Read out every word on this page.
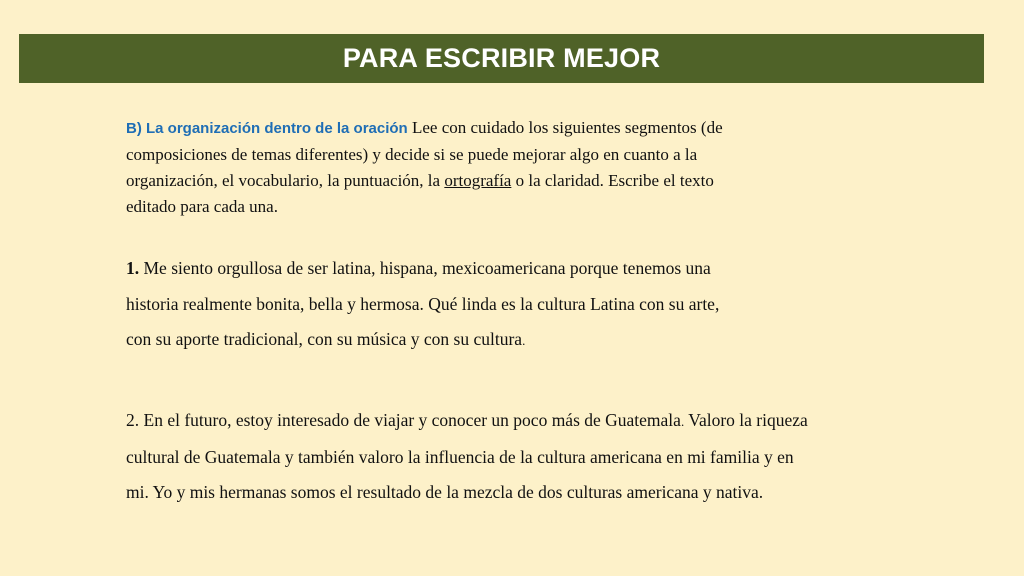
PARA ESCRIBIR MEJOR

B) La organización dentro de la oración Lee con cuidado los siguientes segmentos (de
composiciones de temas diferentes) y decide si se puede mejorar algo en cuanto a la
organización, el vocabulario, la puntuación, la ortografía o la claridad. Escribe el texto
editado para cada una.

1. Me siento orgullosa de ser latina, hispana, mexicoamericana porque tenemos una
historia realmente bonita, bella y hermosa. Qué linda es la cultura Latina con su arte,
con su aporte tradicional, con su música y con su cultura.

2. En el futuro, estoy interesado de viajar y conocer un poco más de Guatemala. Valoro la riqueza
cultural de Guatemala y también valoro la influencia de la cultura americana en mi familia y en
mi. Yo y mis hermanas somos el resultado de la mezcla de dos culturas americana y nativa.
